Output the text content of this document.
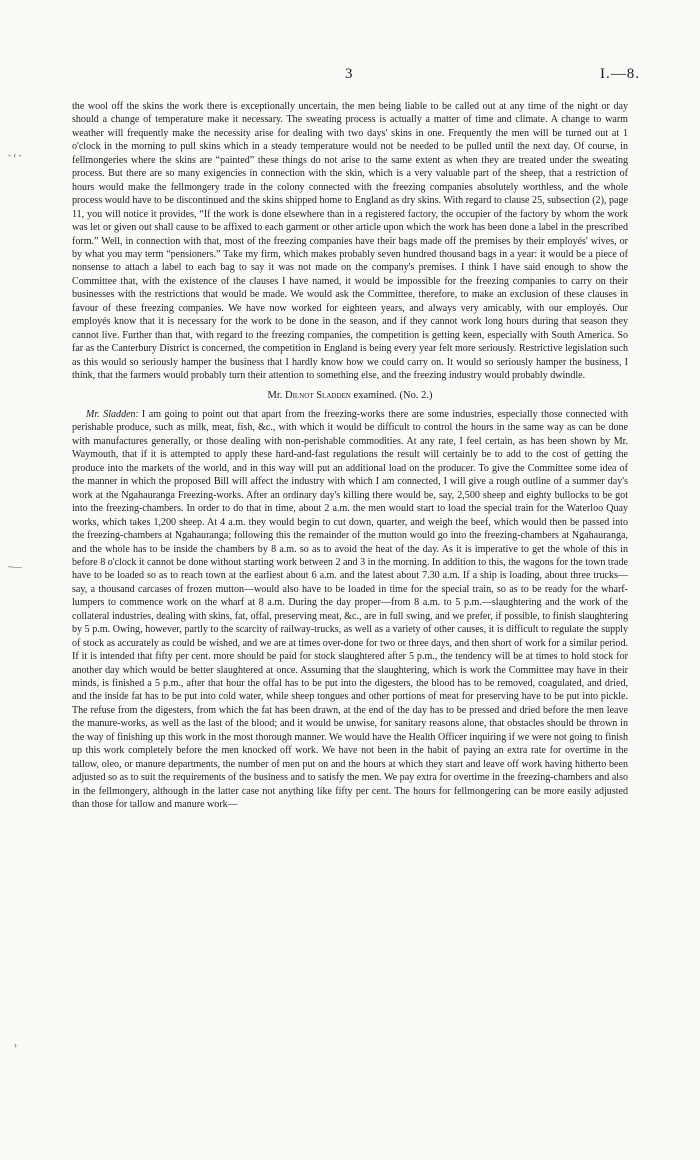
3	I.—8.
- ‹ -
~—
›

the wool off the skins the work there is exceptionally uncertain, the men being liable to be called out at any time of the night or day should a change of temperature make it necessary. The sweating process is actually a matter of time and climate. A change to warm weather will frequently make the necessity arise for dealing with two days' skins in one. Frequently the men will be turned out at 1 o'clock in the morning to pull skins which in a steady temperature would not be needed to be pulled until the next day. Of course, in fellmongeries where the skins are “painted” these things do not arise to the same extent as when they are treated under the sweating process. But there are so many exigencies in connection with the skin, which is a very valuable part of the sheep, that a restriction of hours would make the fellmongery trade in the colony connected with the freezing companies absolutely worthless, and the whole process would have to be discontinued and the skins shipped home to England as dry skins. With regard to clause 25, subsection (2), page 11, you will notice it provides, “If the work is done elsewhere than in a registered factory, the occupier of the factory by whom the work was let or given out shall cause to be affixed to each garment or other article upon which the work has been done a label in the prescribed form.” Well, in connection with that, most of the freezing companies have their bags made off the premises by their employés' wives, or by what you may term “pensioners.” Take my firm, which makes probably seven hundred thousand bags in a year: it would be a piece of nonsense to attach a label to each bag to say it was not made on the company's premises. I think I have said enough to show the Committee that, with the existence of the clauses I have named, it would be impossible for the freezing companies to carry on their businesses with the restrictions that would be made. We would ask the Committee, therefore, to make an exclusion of these clauses in favour of these freezing companies. We have now worked for eighteen years, and always very amicably, with our employés. Our employés know that it is necessary for the work to be done in the season, and if they cannot work long hours during that season they cannot live. Further than that, with regard to the freezing companies, the competition is getting keen, especially with South America. So far as the Canterbury District is concerned, the competition in England is being every year felt more seriously. Restrictive legislation such as this would so seriously hamper the business that I hardly know how we could carry on. It would so seriously hamper the business, I think, that the farmers would probably turn their attention to something else, and the freezing industry would probably dwindle.

Mr. Dilnot Sladden examined. (No. 2.)

Mr. Sladden: I am going to point out that apart from the freezing-works there are some industries, especially those connected with perishable produce, such as milk, meat, fish, &c., with which it would be difficult to control the hours in the same way as can be done with manufactures generally, or those dealing with non-perishable commodities. At any rate, I feel certain, as has been shown by Mr. Waymouth, that if it is attempted to apply these hard-and-fast regulations the result will certainly be to add to the cost of getting the produce into the markets of the world, and in this way will put an additional load on the producer. To give the Committee some idea of the manner in which the proposed Bill will affect the industry with which I am connected, I will give a rough outline of a summer day's work at the Ngahauranga Freezing-works. After an ordinary day's killing there would be, say, 2,500 sheep and eighty bullocks to be got into the freezing-chambers. In order to do that in time, about 2 a.m. the men would start to load the special train for the Waterloo Quay works, which takes 1,200 sheep. At 4 a.m. they would begin to cut down, quarter, and weigh the beef, which would then be passed into the freezing-chambers at Ngahauranga; following this the remainder of the mutton would go into the freezing-chambers at Ngahauranga, and the whole has to be inside the chambers by 8 a.m. so as to avoid the heat of the day. As it is imperative to get the whole of this in before 8 o'clock it cannot be done without starting work between 2 and 3 in the morning. In addition to this, the wagons for the town trade have to be loaded so as to reach town at the earliest about 6 a.m. and the latest about 7.30 a.m. If a ship is loading, about three trucks—say, a thousand carcases of frozen mutton—would also have to be loaded in time for the special train, so as to be ready for the wharf-lumpers to commence work on the wharf at 8 a.m. During the day proper—from 8 a.m. to 5 p.m.—slaughtering and the work of the collateral industries, dealing with skins, fat, offal, preserving meat, &c., are in full swing, and we prefer, if possible, to finish slaughtering by 5 p.m. Owing, however, partly to the scarcity of railway-trucks, as well as a variety of other causes, it is difficult to regulate the supply of stock as accurately as could be wished, and we are at times over-done for two or three days, and then short of work for a similar period. If it is intended that fifty per cent. more should be paid for stock slaughtered after 5 p.m., the tendency will be at times to hold stock for another day which would be better slaughtered at once. Assuming that the slaughtering, which is work the Committee may have in their minds, is finished a 5 p.m., after that hour the offal has to be put into the digesters, the blood has to be removed, coagulated, and dried, and the inside fat has to be put into cold water, while sheep tongues and other portions of meat for preserving have to be put into pickle. The refuse from the digesters, from which the fat has been drawn, at the end of the day has to be pressed and dried before the men leave the manure-works, as well as the last of the blood; and it would be unwise, for sanitary reasons alone, that obstacles should be thrown in the way of finishing up this work in the most thorough manner. We would have the Health Officer inquiring if we were not going to finish up this work completely before the men knocked off work. We have not been in the habit of paying an extra rate for overtime in the tallow, oleo, or manure departments, the number of men put on and the hours at which they start and leave off work having hitherto been adjusted so as to suit the requirements of the business and to satisfy the men. We pay extra for overtime in the freezing-chambers and also in the fellmongery, although in the latter case not anything like fifty per cent. The hours for fellmongering can be more easily adjusted than those for tallow and manure work—
